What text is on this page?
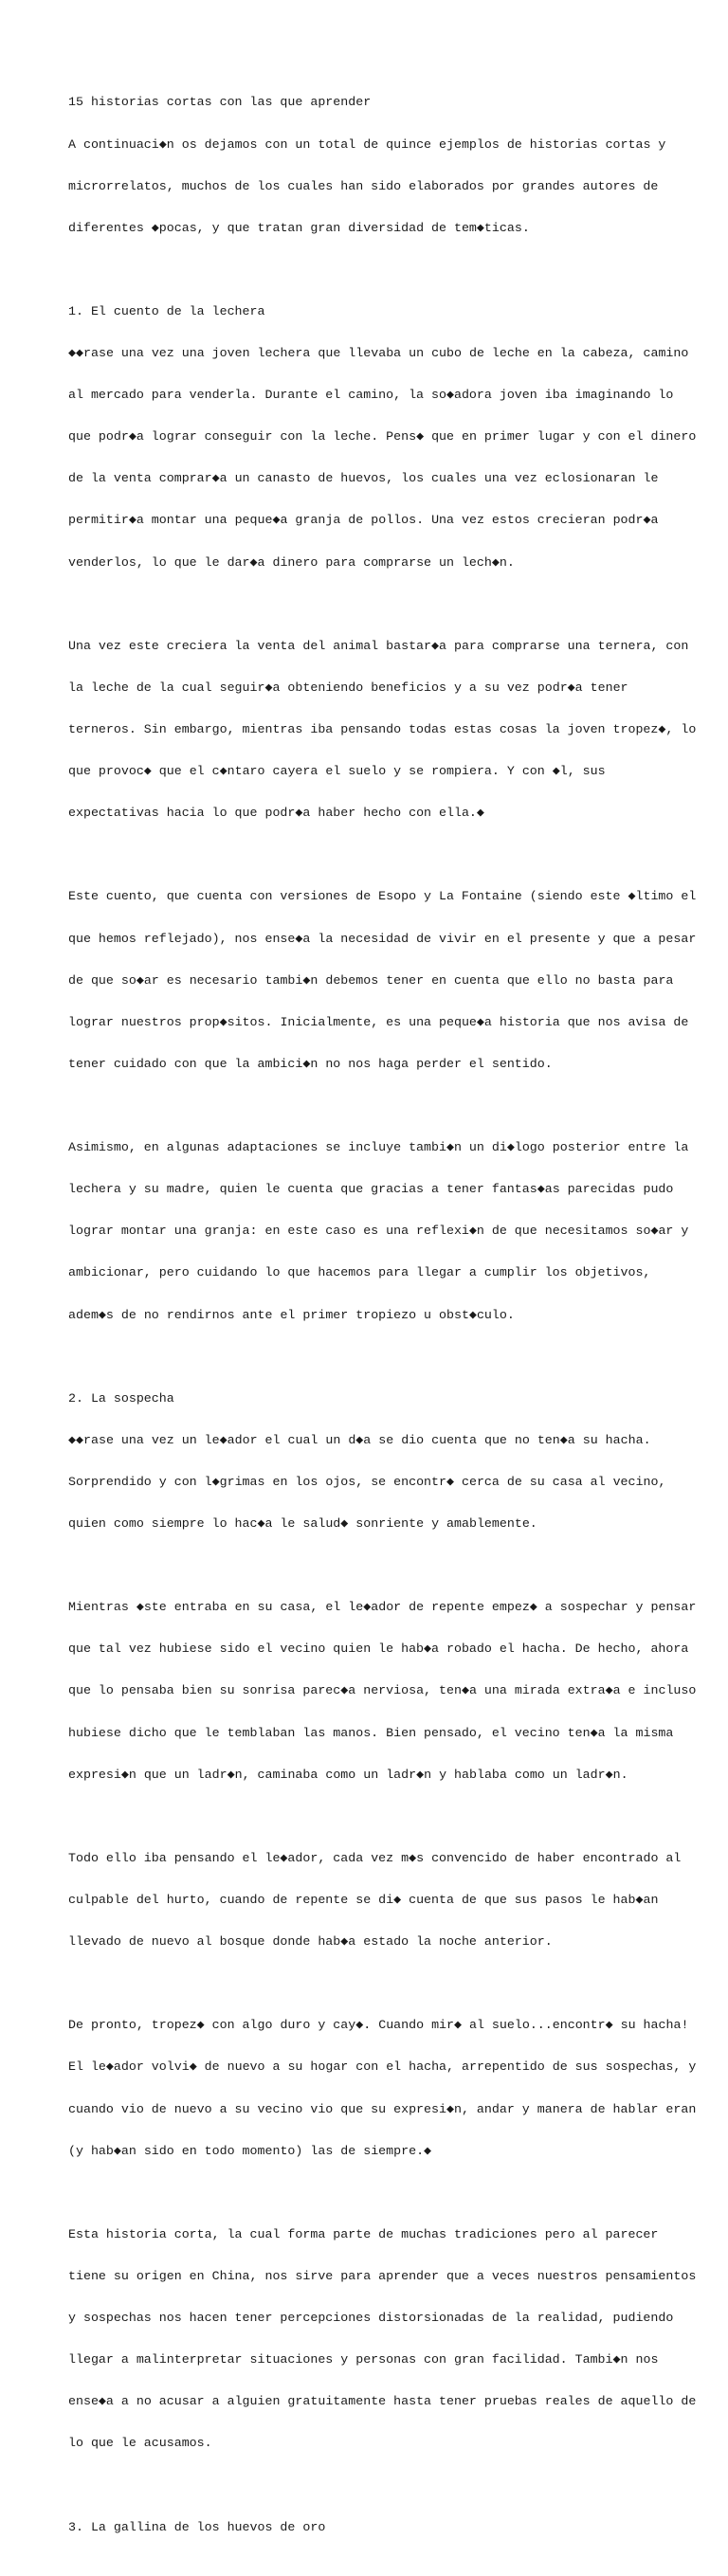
15 historias cortas con las que aprender

A continuaci◆n os dejamos con un total de quince ejemplos de historias cortas y

microrrelatos, muchos de los cuales han sido elaborados por grandes autores de

diferentes ◆pocas, y que tratan gran diversidad de tem◆ticas.

1. El cuento de la lechera

◆◆rase una vez una joven lechera que llevaba un cubo de leche en la cabeza, camino

al mercado para venderla. Durante el camino, la so◆adora joven iba imaginando lo

que podr◆a lograr conseguir con la leche. Pens◆ que en primer lugar y con el dinero

de la venta comprar◆a un canasto de huevos, los cuales una vez eclosionaran le

permitir◆a montar una peque◆a granja de pollos. Una vez estos crecieran podr◆a

venderlos, lo que le dar◆a dinero para comprarse un lech◆n.

Una vez este creciera la venta del animal bastar◆a para comprarse una ternera, con

la leche de la cual seguir◆a obteniendo beneficios y a su vez podr◆a tener

terneros. Sin embargo, mientras iba pensando todas estas cosas la joven tropez◆, lo

que provoc◆ que el c◆ntaro cayera el suelo y se rompiera. Y con ◆l, sus

expectativas hacia lo que podr◆a haber hecho con ella.◆

Este cuento, que cuenta con versiones de Esopo y La Fontaine (siendo este ◆ltimo el

que hemos reflejado), nos ense◆a la necesidad de vivir en el presente y que a pesar

de que so◆ar es necesario tambi◆n debemos tener en cuenta que ello no basta para

lograr nuestros prop◆sitos. Inicialmente, es una peque◆a historia que nos avisa de

tener cuidado con que la ambici◆n no nos haga perder el sentido.

Asimismo, en algunas adaptaciones se incluye tambi◆n un di◆logo posterior entre la

lechera y su madre, quien le cuenta que gracias a tener fantas◆as parecidas pudo

lograr montar una granja: en este caso es una reflexi◆n de que necesitamos so◆ar y

ambicionar, pero cuidando lo que hacemos para llegar a cumplir los objetivos,

adem◆s de no rendirnos ante el primer tropiezo u obst◆culo.

2. La sospecha

◆◆rase una vez un le◆ador el cual un d◆a se dio cuenta que no ten◆a su hacha.

Sorprendido y con l◆grimas en los ojos, se encontr◆ cerca de su casa al vecino,

quien como siempre lo hac◆a le salud◆ sonriente y amablemente.

Mientras ◆ste entraba en su casa, el le◆ador de repente empez◆ a sospechar y pensar

que tal vez hubiese sido el vecino quien le hab◆a robado el hacha. De hecho, ahora

que lo pensaba bien su sonrisa parec◆a nerviosa, ten◆a una mirada extra◆a e incluso

hubiese dicho que le temblaban las manos. Bien pensado, el vecino ten◆a la misma

expresi◆n que un ladr◆n, caminaba como un ladr◆n y hablaba como un ladr◆n.

Todo ello iba pensando el le◆ador, cada vez m◆s convencido de haber encontrado al

culpable del hurto, cuando de repente se di◆ cuenta de que sus pasos le hab◆an

llevado de nuevo al bosque donde hab◆a estado la noche anterior.

De pronto, tropez◆ con algo duro y cay◆. Cuando mir◆ al suelo...encontr◆ su hacha!

El le◆ador volvi◆ de nuevo a su hogar con el hacha, arrepentido de sus sospechas, y

cuando vio de nuevo a su vecino vio que su expresi◆n, andar y manera de hablar eran

(y hab◆an sido en todo momento) las de siempre.◆

Esta historia corta, la cual forma parte de muchas tradiciones pero al parecer

tiene su origen en China, nos sirve para aprender que a veces nuestros pensamientos

y sospechas nos hacen tener percepciones distorsionadas de la realidad, pudiendo

llegar a malinterpretar situaciones y personas con gran facilidad. Tambi◆n nos

ense◆a a no acusar a alguien gratuitamente hasta tener pruebas reales de aquello de

lo que le acusamos.

3. La gallina de los huevos de oro
